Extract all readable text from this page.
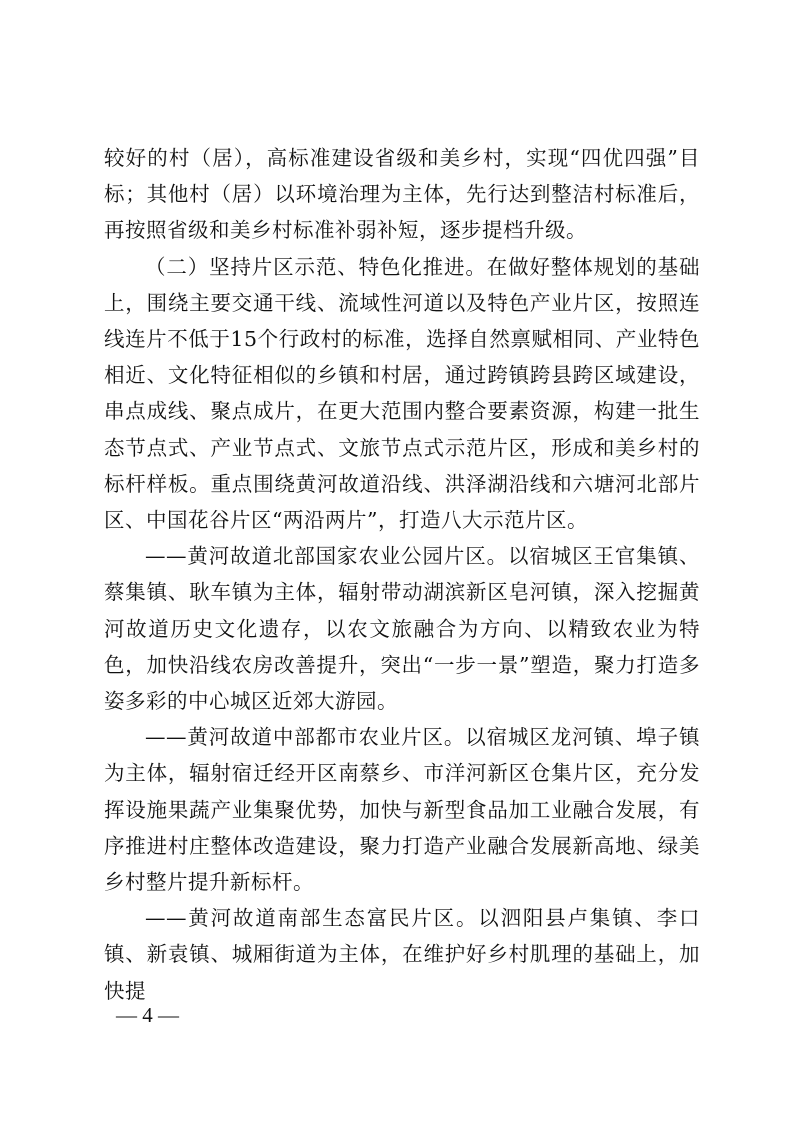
较好的村（居），高标准建设省级和美乡村，实现“四优四强”目标；其他村（居）以环境治理为主体，先行达到整洁村标准后，再按照省级和美乡村标准补弱补短，逐步提档升级。

（二）坚持片区示范、特色化推进。在做好整体规划的基础上，围绕主要交通干线、流域性河道以及特色产业片区，按照连线连片不低于15个行政村的标准，选择自然禀赋相同、产业特色相近、文化特征相似的乡镇和村居，通过跨镇跨县跨区域建设，串点成线、聚点成片，在更大范围内整合要素资源，构建一批生态节点式、产业节点式、文旅节点式示范片区，形成和美乡村的标杆样板。重点围绕黄河故道沿线、洪泽湖沿线和六塘河北部片区、中国花谷片区“两沿两片”，打造八大示范片区。

——黄河故道北部国家农业公园片区。以宿城区王官集镇、蔡集镇、耿车镇为主体，辐射带动湖滨新区皂河镇，深入挖掘黄河故道历史文化遗存，以农文旅融合为方向、以精致农业为特色，加快沿线农房改善提升，突出“一步一景”塑造，聚力打造多姿多彩的中心城区近郊大游园。

——黄河故道中部都市农业片区。以宿城区龙河镇、埠子镇为主体，辐射宿迁经开区南蔡乡、市洋河新区仓集片区，充分发挥设施果蔬产业集聚优势，加快与新型食品加工业融合发展，有序推进村庄整体改造建设，聚力打造产业融合发展新高地、绿美乡村整片提升新标杆。

——黄河故道南部生态富民片区。以泗阳县卢集镇、李口镇、新袁镇、城厢街道为主体，在维护好乡村肌理的基础上，加快提

— 4 —
